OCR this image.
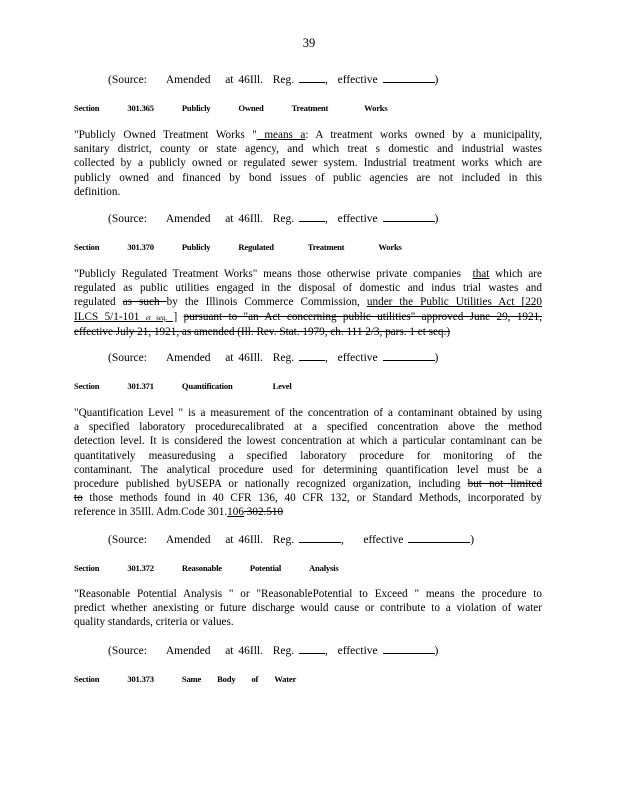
39
(Source: Amended at 46Ill. Reg.	,  effective	)
Section	301.365	Publicly	Owned	Treatment	Works
"Publicly Owned Treatment Works " means a: A treatment works owned by a municipality,
sanitary district, county or state agency, and which treat s domestic and industrial wastes
collected by a publicly owned or regulated sewer system. Industrial treatment works which are
publicly owned and financed by bond issues of public agencies are not included in this
definition.
(Source: Amended at 46Ill. Reg.	,  effective	)
Section	301.370	Publicly	Regulated	Treatment	Works
"Publicly Regulated Treatment Works" means those otherwise private companies that which are
regulated as public utilities engaged in the disposal of domestic and indus trial wastes and
regulated as such by the Illinois Commerce Commission, under the Public Utilities Act [220
ILCS 5/1-101 et seq. ] pursuant to "an Act concerning public utilities" approved June 29, 1921,
effective July 21, 1921, as amended (Ill. Rev. Stat. 1979, ch. 111 2/3, pars. 1 et seq.)
(Source: Amended at 46Ill. Reg.	,  effective	)
Section	301.371	Quantification	Level
"Quantification Level " is a measurement of the concentration of a contaminant obtained by using
a specified laboratory procedurecalibrated at a specified concentration above the method
detection level. It is considered the lowest concentration at which a particular contaminant can be
quantitatively measuredusing a specified laboratory procedure for monitoring of the
contaminant. The analytical procedure used for determining quantification level must be a
procedure published byUSEPA or nationally recognized organization, including but not limited
to those methods found in 40 CFR 136, 40 CFR 132, or Standard Methods, incorporated by
reference in 35Ill. Adm.Code 301.106 302.510
(Source: Amended at 46Ill. Reg.	,    effective	)
Section	301.372	Reasonable	Potential	Analysis
"Reasonable Potential Analysis " or "ReasonablePotential to Exceed " means the procedure to
predict whether anexisting or future discharge would cause or contribute to a violation of water
quality standards, criteria or values.
(Source: Amended at 46Ill. Reg.	,  effective	)
Section	301.373	Same Body of Water
